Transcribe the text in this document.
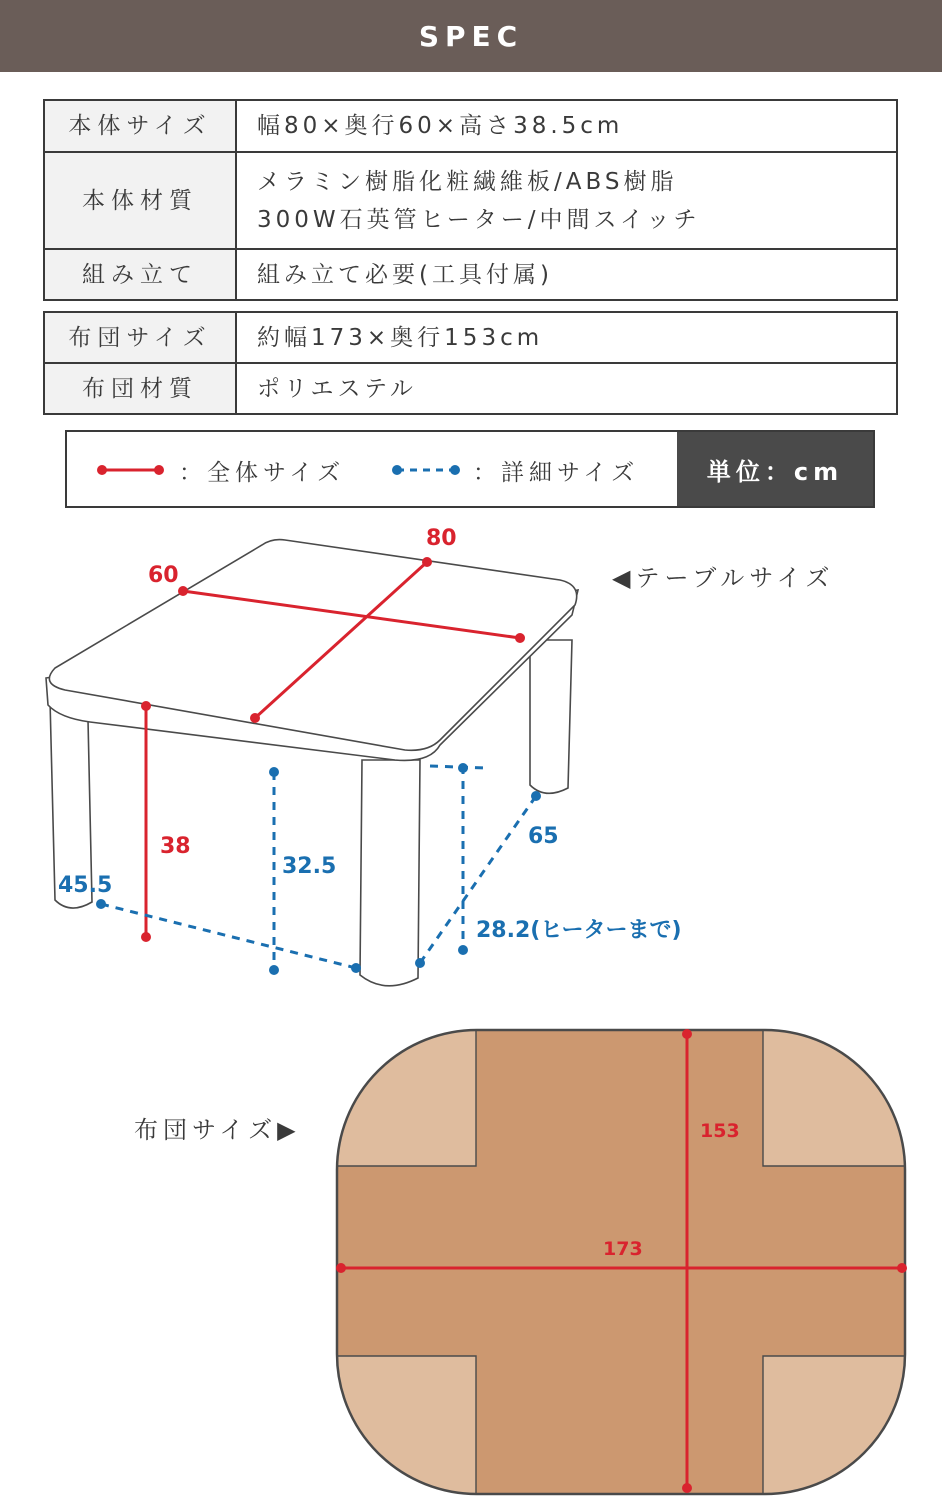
SPEC
本体サイズ	幅80×奥行60×高さ38.5cm
本体材質	メラミン樹脂化粧繊維板/ABS樹脂
300W石英管ヒーター/中間スイッチ

組み立て	組み立て必要(工具付属)
布団サイズ	約幅173×奥行153cm
布団材質	ポリエステル
：全体サイズ	：詳細サイズ	単位：cm
80
60
38
45.5
32.5
65
28.2(ヒーターまで)
◀テーブルサイズ
173
153
布団サイズ▶
